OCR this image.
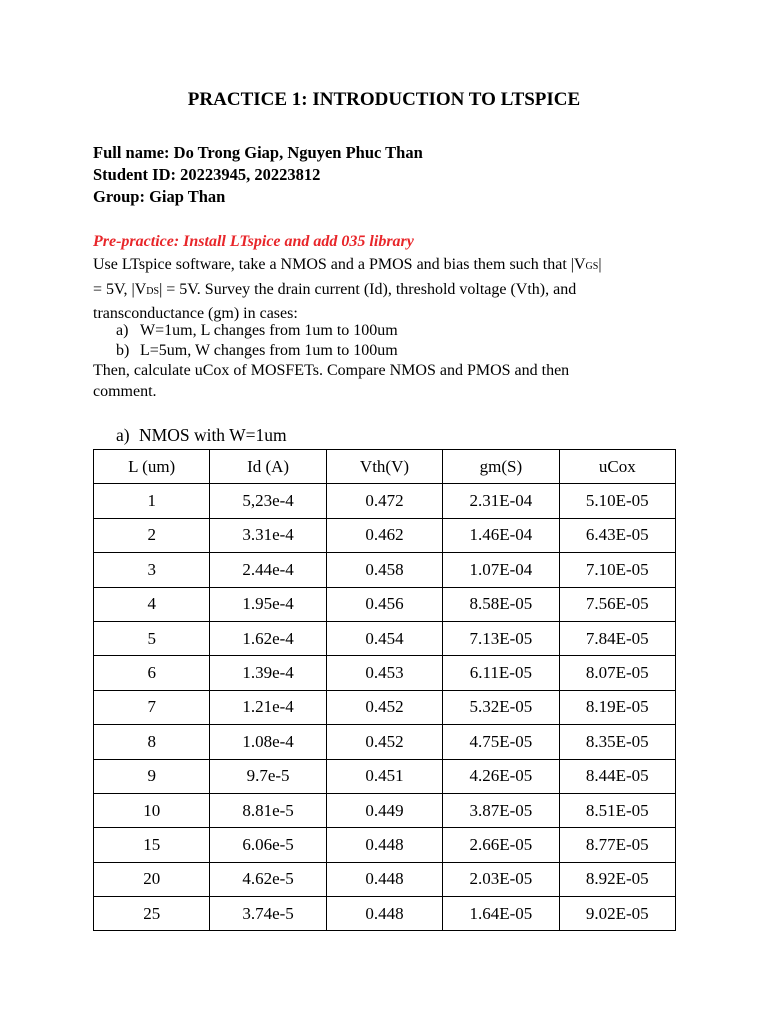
PRACTICE 1: INTRODUCTION TO LTSPICE
Full name: Do Trong Giap, Nguyen Phuc Than
Student ID: 20223945, 20223812
Group: Giap Than
Pre-practice: Install LTspice and add 035 library
Use LTspice software, take a NMOS and a PMOS and bias them such that |VGS|
= 5V, |VDS| = 5V. Survey the drain current (Id), threshold voltage (Vth), and
transconductance (gm) in cases:
a) W=1um, L changes from 1um to 100um
b) L=5um, W changes from 1um to 100um
Then, calculate uCox of MOSFETs. Compare NMOS and PMOS and then
comment.
a) NMOS with W=1um
L (um)	Id (A)	Vth(V)	gm(S)	uCox
1	5,23e-4	0.472	2.31E-04	5.10E-05
2	3.31e-4	0.462	1.46E-04	6.43E-05
3	2.44e-4	0.458	1.07E-04	7.10E-05
4	1.95e-4	0.456	8.58E-05	7.56E-05
5	1.62e-4	0.454	7.13E-05	7.84E-05
6	1.39e-4	0.453	6.11E-05	8.07E-05
7	1.21e-4	0.452	5.32E-05	8.19E-05
8	1.08e-4	0.452	4.75E-05	8.35E-05
9	9.7e-5	0.451	4.26E-05	8.44E-05
10	8.81e-5	0.449	3.87E-05	8.51E-05
15	6.06e-5	0.448	2.66E-05	8.77E-05
20	4.62e-5	0.448	2.03E-05	8.92E-05
25	3.74e-5	0.448	1.64E-05	9.02E-05
